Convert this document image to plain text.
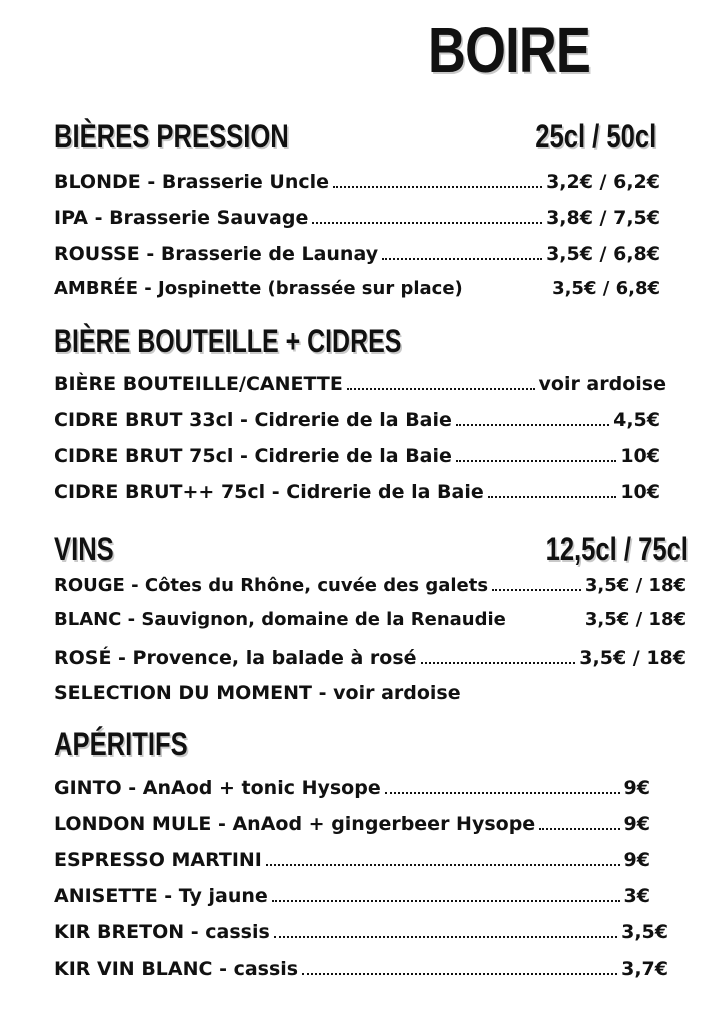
BOIRE
BIÈRES PRESSION	25cl / 50cl
BLONDE - Brasserie Uncle	3,2€ / 6,2€
IPA - Brasserie Sauvage	3,8€ / 7,5€
ROUSSE - Brasserie de Launay	3,5€ / 6,8€
AMBRÉE - Jospinette (brassée sur place)	3,5€ / 6,8€
BIÈRE BOUTEILLE + CIDRES
BIÈRE BOUTEILLE/CANETTE	voir ardoise
CIDRE BRUT 33cl - Cidrerie de la Baie	4,5€
CIDRE BRUT 75cl - Cidrerie de la Baie	10€
CIDRE BRUT++ 75cl - Cidrerie de la Baie	10€
VINS	12,5cl / 75cl
ROUGE - Côtes du Rhône, cuvée des galets	3,5€ / 18€
BLANC - Sauvignon, domaine de la Renaudie	3,5€ / 18€
ROSÉ - Provence, la balade à rosé	3,5€ / 18€
SELECTION DU MOMENT - voir ardoise
APÉRITIFS
GINTO - AnAod + tonic Hysope	9€
LONDON MULE - AnAod + gingerbeer Hysope	9€
ESPRESSO MARTINI	9€
ANISETTE - Ty jaune	3€
KIR BRETON - cassis	3,5€
KIR VIN BLANC - cassis	3,7€
